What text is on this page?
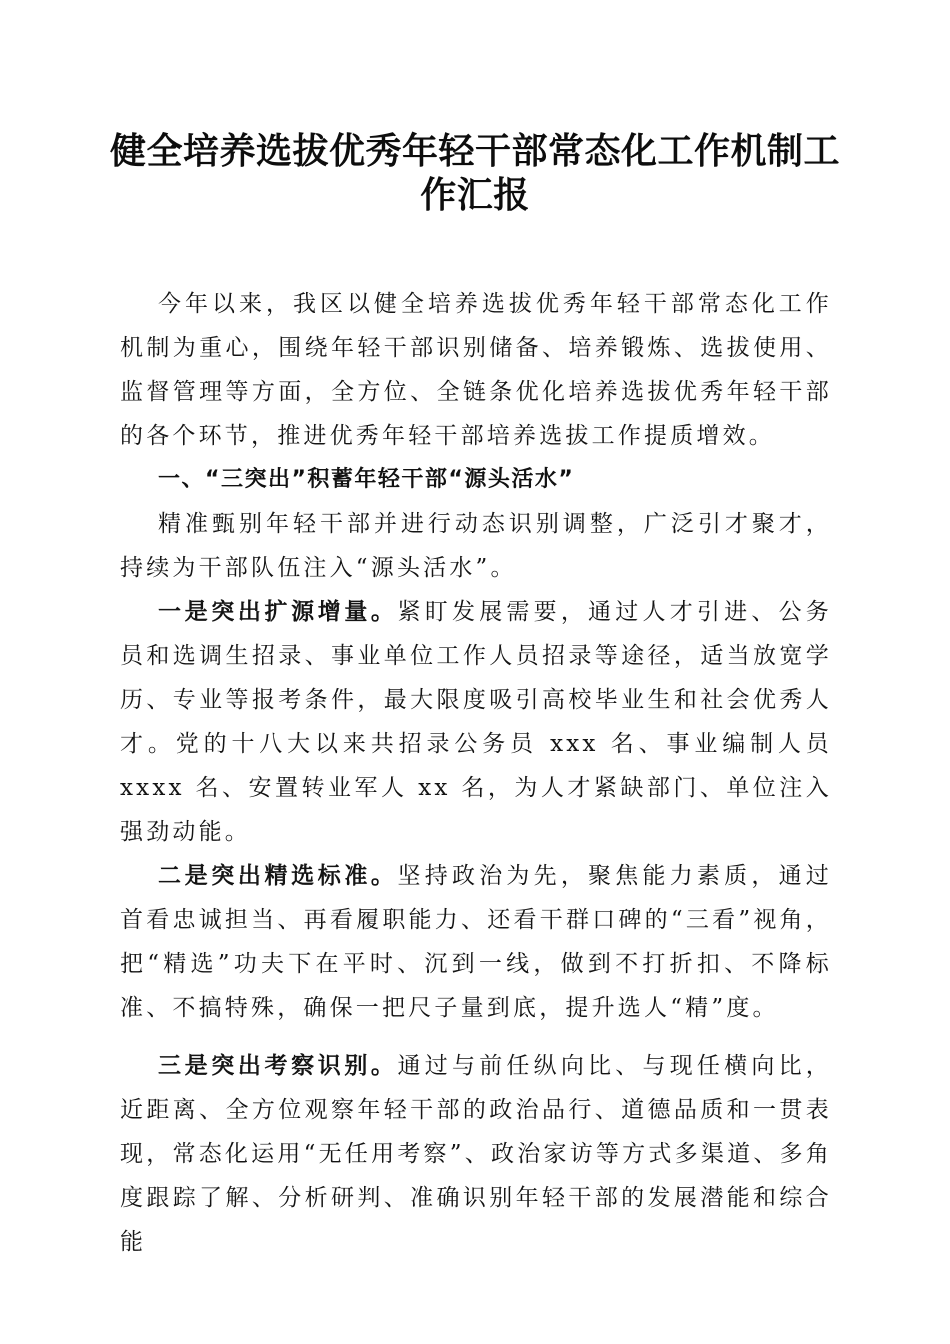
健全培养选拔优秀年轻干部常态化工作机制工
作汇报

今年以来，我区以健全培养选拔优秀年轻干部常态化工作机制为重心，围绕年轻干部识别储备、培养锻炼、选拔使用、监督管理等方面，全方位、全链条优化培养选拔优秀年轻干部的各个环节，推进优秀年轻干部培养选拔工作提质增效。

一、“三突出”积蓄年轻干部“源头活水”

精准甄别年轻干部并进行动态识别调整，广泛引才聚才，持续为干部队伍注入“源头活水”。

一是突出扩源增量。紧盯发展需要，通过人才引进、公务员和选调生招录、事业单位工作人员招录等途径，适当放宽学历、专业等报考条件，最大限度吸引高校毕业生和社会优秀人才。党的十八大以来共招录公务员 xxx 名、事业编制人员 xxxx 名、安置转业军人 xx 名，为人才紧缺部门、单位注入强劲动能。

二是突出精选标准。坚持政治为先，聚焦能力素质，通过首看忠诚担当、再看履职能力、还看干群口碑的“三看”视角，把“精选”功夫下在平时、沉到一线，做到不打折扣、不降标准、不搞特殊，确保一把尺子量到底，提升选人“精”度。

三是突出考察识别。通过与前任纵向比、与现任横向比，近距离、全方位观察年轻干部的政治品行、道德品质和一贯表现，常态化运用“无任用考察”、政治家访等方式多渠道、多角度跟踪了解、分析研判、准确识别年轻干部的发展潜能和综合能
